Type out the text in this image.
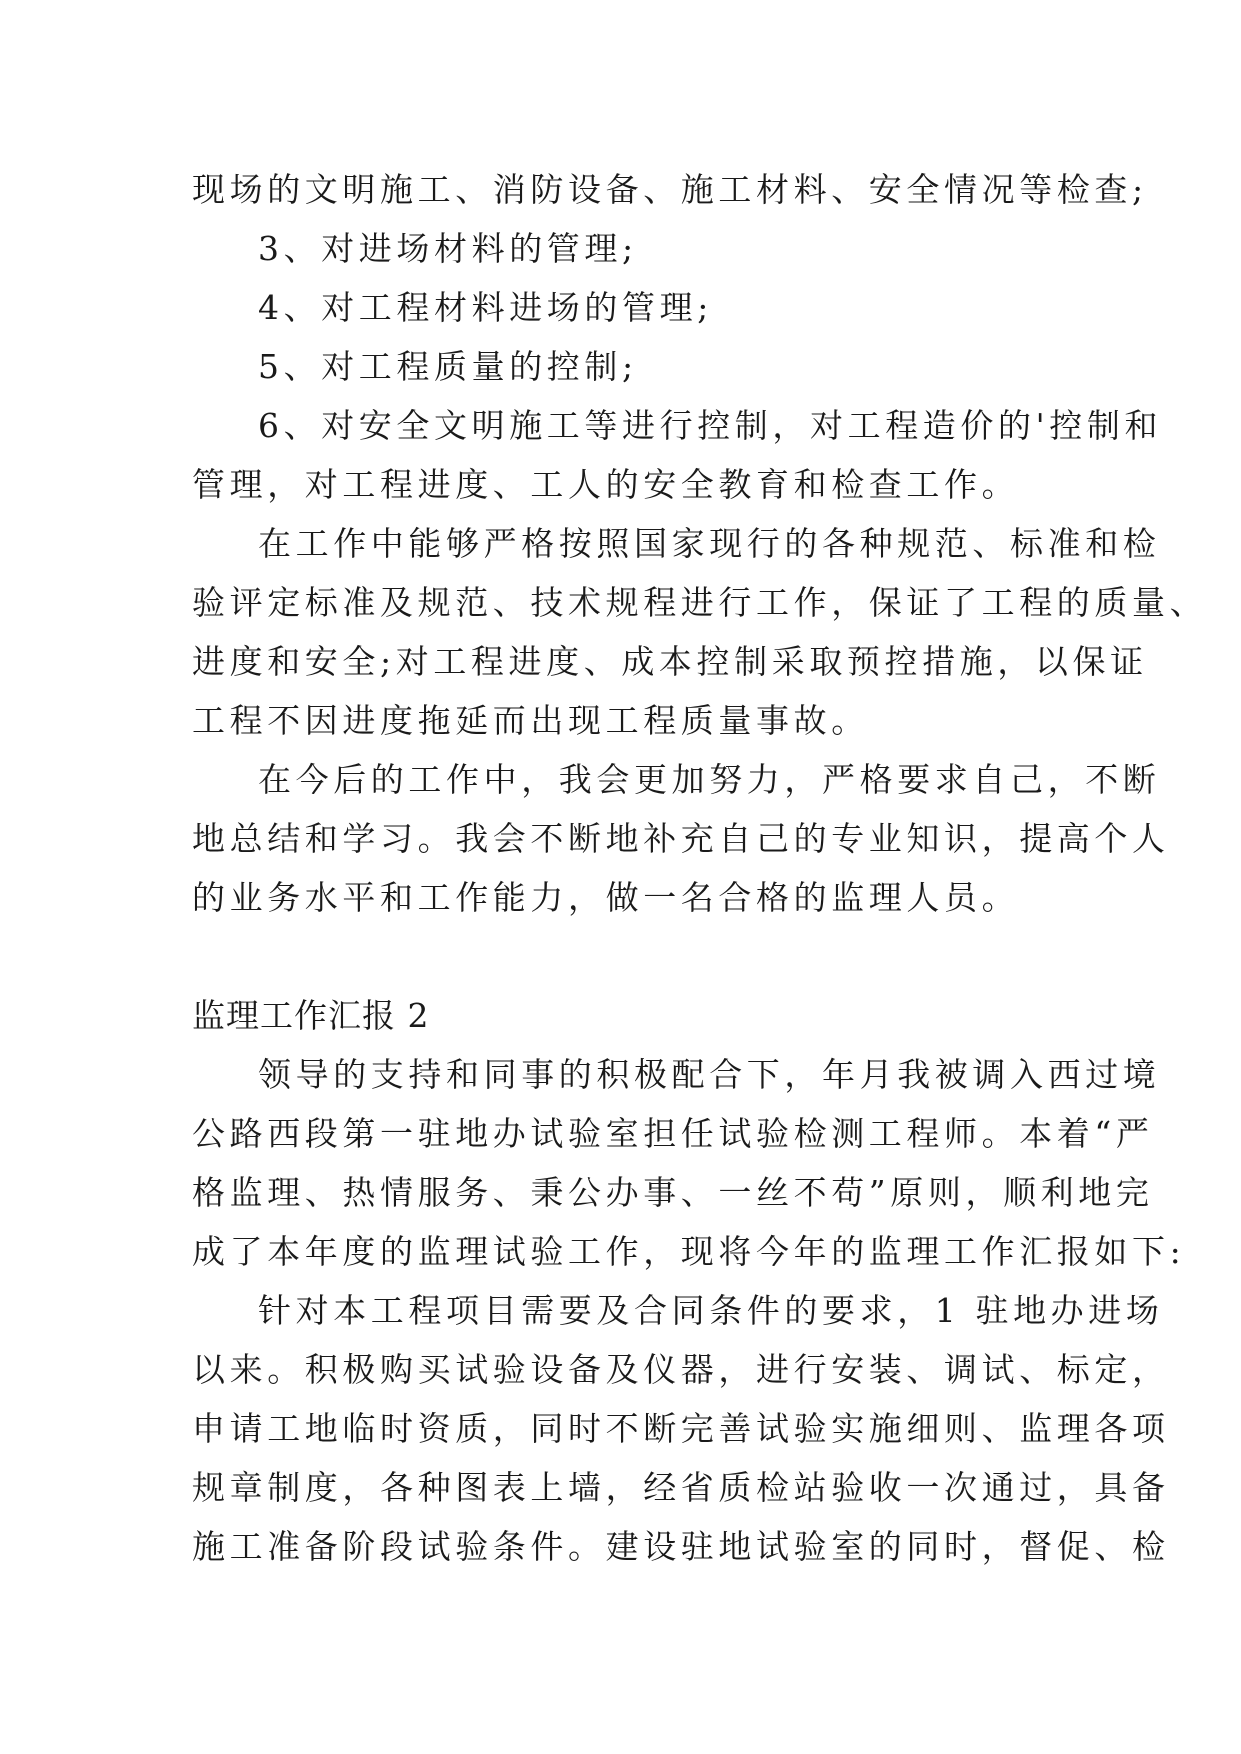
现场的文明施工、消防设备、施工材料、安全情况等检查;
3、对进场材料的管理;
4、对工程材料进场的管理;
5、对工程质量的控制;
6、对安全文明施工等进行控制，对工程造价的'控制和
管理，对工程进度、工人的安全教育和检查工作。
在工作中能够严格按照国家现行的各种规范、标准和检
验评定标准及规范、技术规程进行工作，保证了工程的质量、
进度和安全;对工程进度、成本控制采取预控措施，以保证
工程不因进度拖延而出现工程质量事故。
在今后的工作中，我会更加努力，严格要求自己，不断
地总结和学习。我会不断地补充自己的专业知识，提高个人
的业务水平和工作能力，做一名合格的监理人员。
监理工作汇报 2
领导的支持和同事的积极配合下，年月我被调入西过境
公路西段第一驻地办试验室担任试验检测工程师。本着“严
格监理、热情服务、秉公办事、一丝不苟”原则，顺利地完
成了本年度的监理试验工作，现将今年的监理工作汇报如下:
针对本工程项目需要及合同条件的要求，1 驻地办进场
以来。积极购买试验设备及仪器，进行安装、调试、标定，
申请工地临时资质，同时不断完善试验实施细则、监理各项
规章制度，各种图表上墙，经省质检站验收一次通过，具备
施工准备阶段试验条件。建设驻地试验室的同时，督促、检
